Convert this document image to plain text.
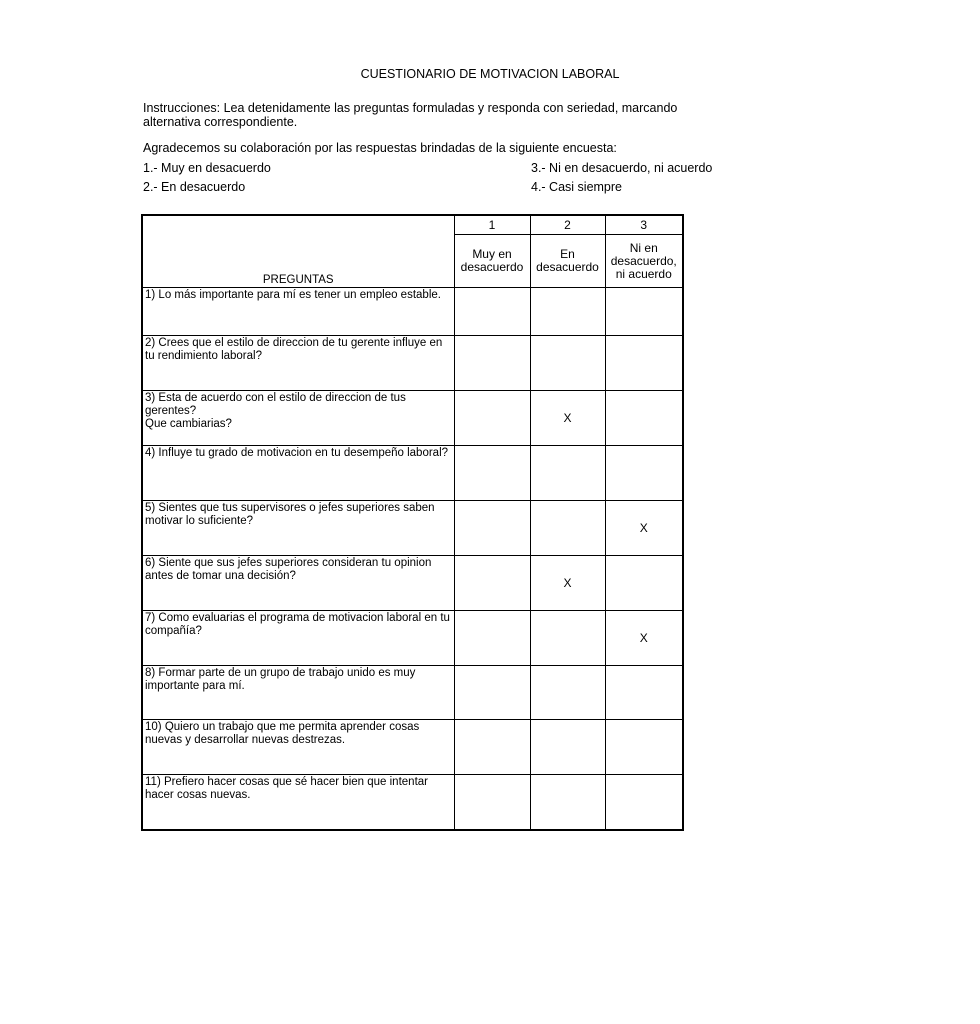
CUESTIONARIO DE MOTIVACION LABORAL
Instrucciones: Lea detenidamente las preguntas formuladas y responda con seriedad, marcando
alternativa correspondiente.
Agradecemos su colaboración por las respuestas brindadas de la siguiente encuesta:
1.- Muy en desacuerdo
2.- En desacuerdo
3.- Ni en desacuerdo, ni acuerdo
4.- Casi siempre
PREGUNTAS	1	2	3
	Muy en desacuerdo	En desacuerdo	Ni en desacuerdo, ni acuerdo
1) Lo más importante para mí es tener un empleo estable.			
2) Crees que el estilo de direccion de tu gerente influye en tu rendimiento laboral?			
3) Esta de acuerdo con el estilo de direccion de tus gerentes?
Que cambiarias?		X	
4) Influye tu grado de motivacion en tu desempeño laboral?			
5) Sientes que tus supervisores o jefes superiores saben motivar lo suficiente?			X
6) Siente que sus jefes superiores consideran tu opinion antes de tomar una decisión?		X	
7) Como evaluarias el programa de motivacion laboral en tu compañía?			X
8) Formar parte de un grupo de trabajo unido es muy importante para mí.			
10) Quiero un trabajo que me permita aprender cosas nuevas y desarrollar nuevas destrezas.			
11) Prefiero hacer cosas que sé hacer bien que intentar hacer cosas nuevas.			
